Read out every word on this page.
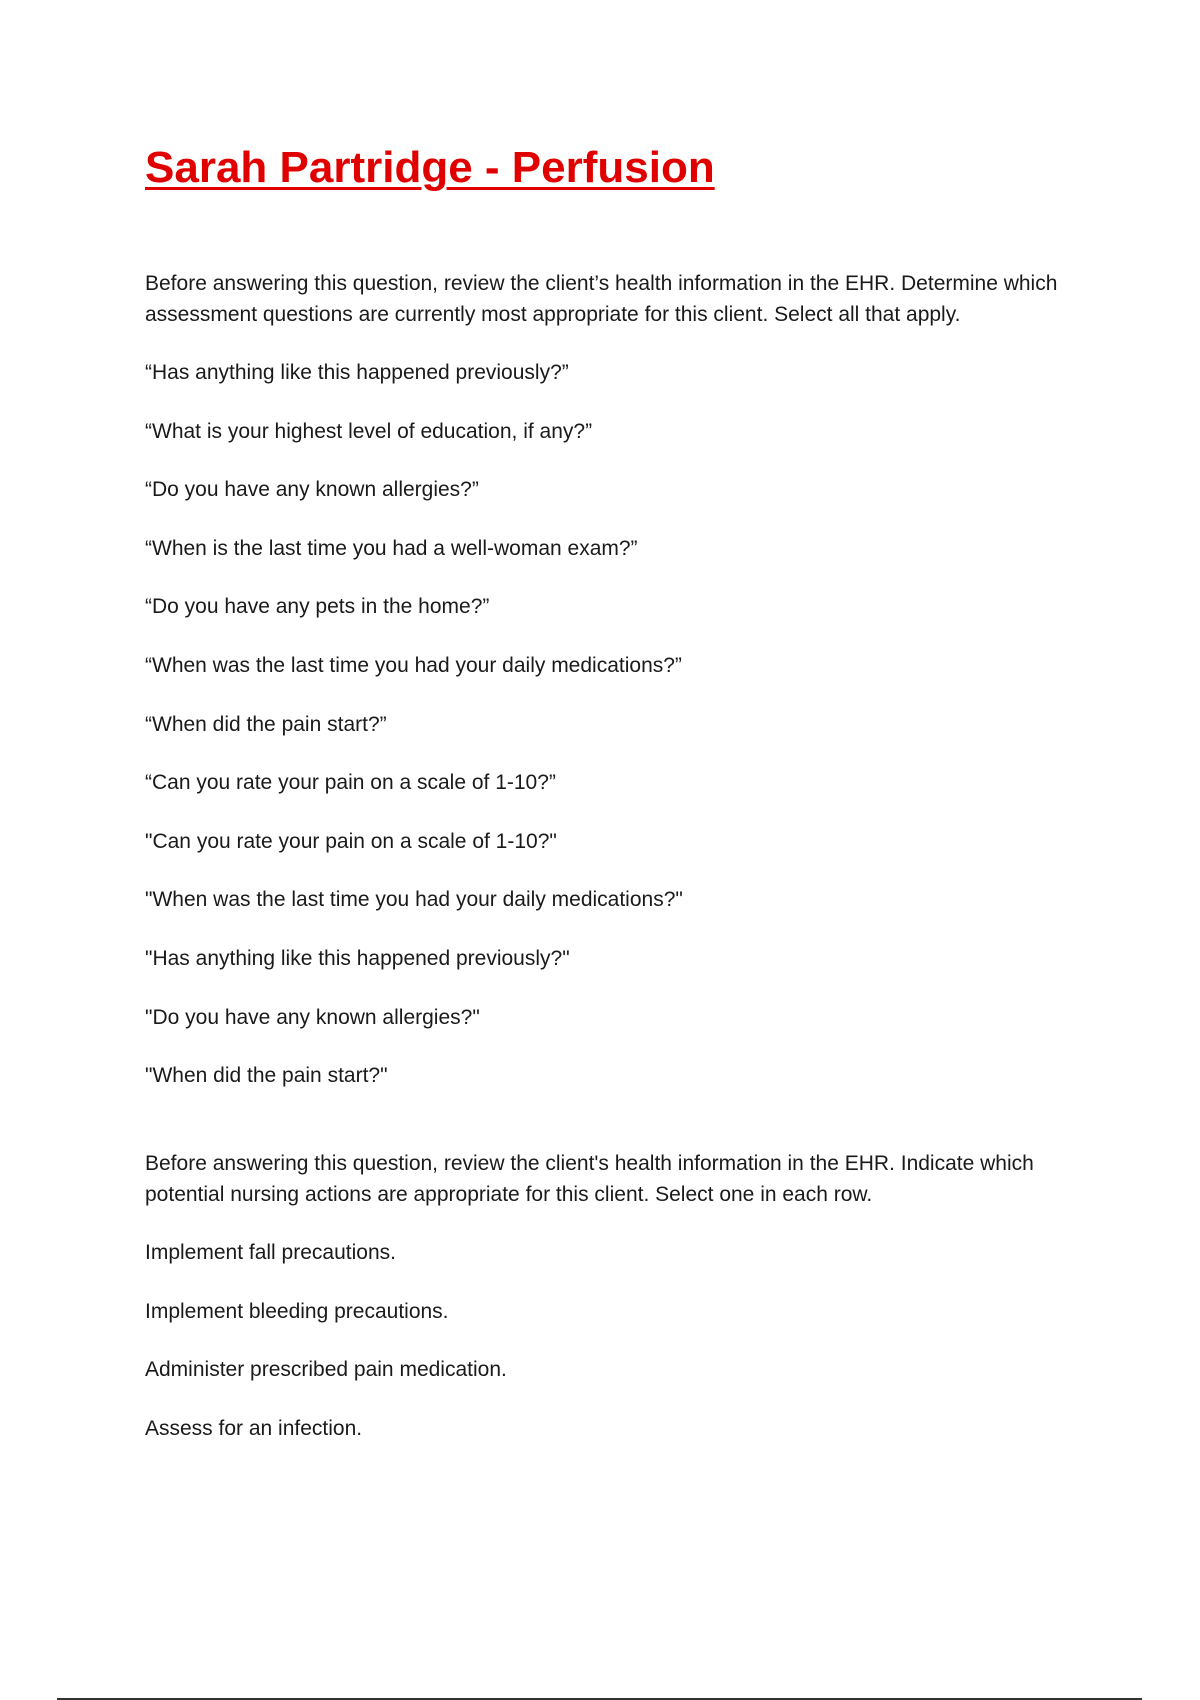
Sarah Partridge - Perfusion

Before answering this question, review the client’s health information in the EHR. Determine which assessment questions are currently most appropriate for this client. Select all that apply.

“Has anything like this happened previously?”

“What is your highest level of education, if any?”

“Do you have any known allergies?”

“When is the last time you had a well-woman exam?”

“Do you have any pets in the home?”

“When was the last time you had your daily medications?”

“When did the pain start?”

“Can you rate your pain on a scale of 1-10?”

"Can you rate your pain on a scale of 1-10?"

"When was the last time you had your daily medications?"

"Has anything like this happened previously?"

"Do you have any known allergies?"

"When did the pain start?"

Before answering this question, review the client's health information in the EHR. Indicate which potential nursing actions are appropriate for this client. Select one in each row.

Implement fall precautions.

Implement bleeding precautions.

Administer prescribed pain medication.

Assess for an infection.
